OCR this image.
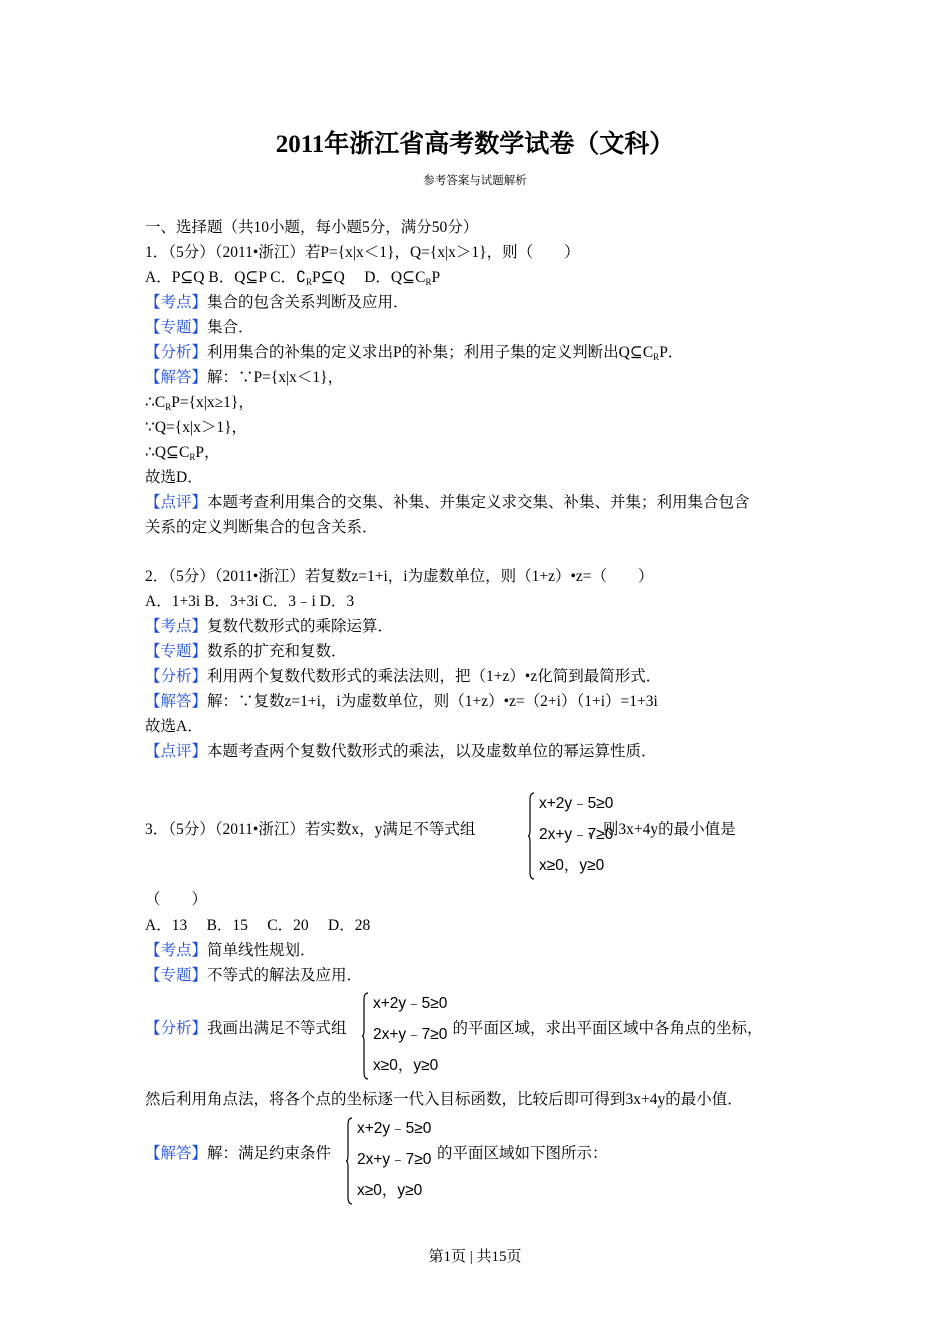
2011年浙江省高考数学试卷（文科）
参考答案与试题解析
一、选择题（共10小题，每小题5分，满分50分）
1．（5分）（2011•浙江）若P={x|x＜1}，Q={x|x＞1}，则（　　）
A．P⊆Q B．Q⊆P C．$∁_RP⊆Q$　 D．$Q⊆C_RP$
【考点】集合的包含关系判断及应用．
【专题】集合．
【分析】利用集合的补集的定义求出P的补集；利用子集的定义判断出$Q⊆C_RP$．
【解答】解：∵P={x|x＜1}，
$\therefore C_RP=\{x|x\ge 1\}$，
∵Q={x|x＞1}，
$\therefore Q⊆C_RP$，
故选D．
【点评】本题考查利用集合的交集、补集、并集定义求交集、补集、并集；利用集合包含
关系的定义判断集合的包含关系．
2．（5分）（2011•浙江）若复数z=1+i，i为虚数单位，则（1+z）•z=（　　）
A．1+3i B．3+3i C．3﹣i D．3
【考点】复数代数形式的乘除运算．
【专题】数系的扩充和复数．
【分析】利用两个复数代数形式的乘法法则，把（1+z）•z化简到最简形式．
【解答】解：∵复数z=1+i，i为虚数单位，则（1+z）•z=（2+i）（1+i）=1+3i
故选A．
【点评】本题考查两个复数代数形式的乘法，以及虚数单位的幂运算性质．
3．（5分）（2011•浙江）若实数x，y满足不等式组	，则3x+4y的最小值是
x+2y﹣5≥0
2x+y﹣7≥0
x≥0，y≥0
（　　）
A．13　 B．15　 C．20　 D．28
【考点】简单线性规划．
【专题】不等式的解法及应用．
【分析】我画出满足不等式组	的平面区域，求出平面区域中各角点的坐标，
x+2y﹣5≥0
2x+y﹣7≥0
x≥0，y≥0
然后利用角点法，将各个点的坐标逐一代入目标函数，比较后即可得到3x+4y的最小值．
【解答】解：满足约束条件	的平面区域如下图所示：
x+2y﹣5≥0
2x+y﹣7≥0
x≥0，y≥0
第1页 | 共15页
